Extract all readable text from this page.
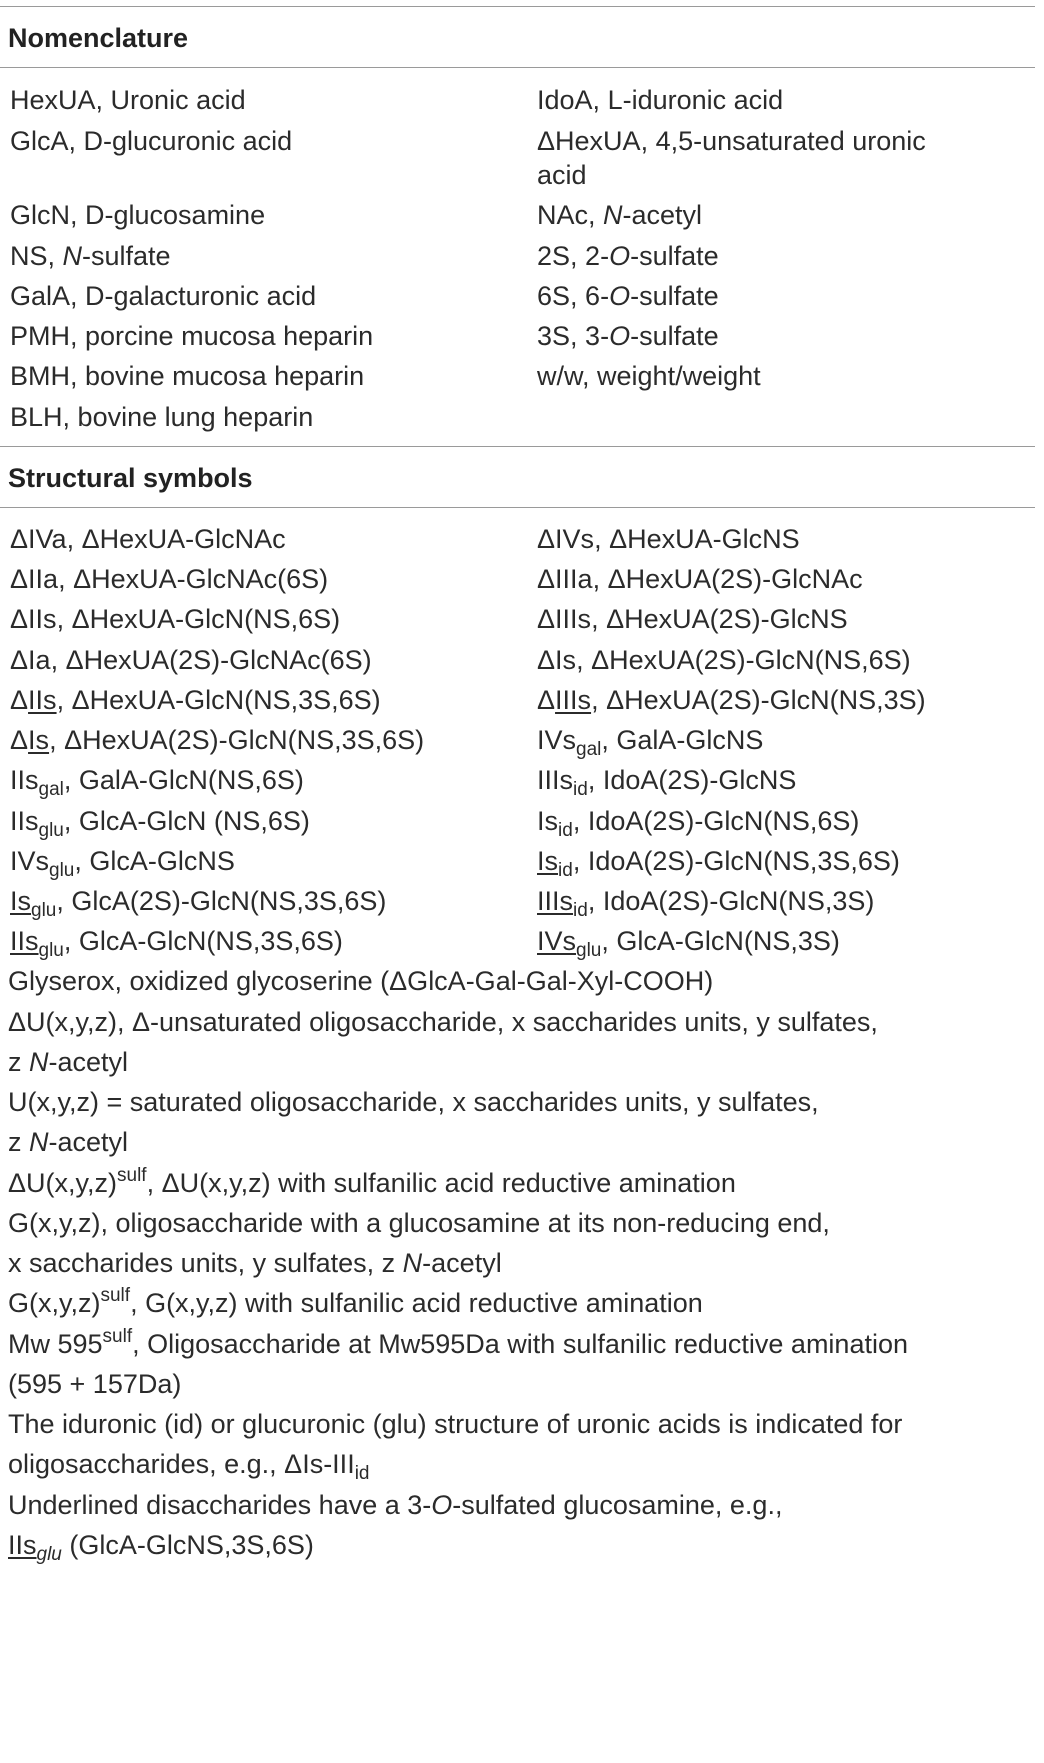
Nomenclature
HexUA, Uronic acid
GlcA, D-glucuronic acid
GlcN, D-glucosamine
NS, N-sulfate
GalA, D-galacturonic acid
PMH, porcine mucosa heparin
BMH, bovine mucosa heparin
BLH, bovine lung heparin
IdoA, L-iduronic acid
ΔHexUA, 4,5-unsaturated uronic
acid
NAc, N-acetyl
2S, 2-O-sulfate
6S, 6-O-sulfate
3S, 3-O-sulfate
w/w, weight/weight
Structural symbols
ΔIVa, ΔHexUA-GlcNAc
ΔIIa, ΔHexUA-GlcNAc(6S)
ΔIIs, ΔHexUA-GlcN(NS,6S)
ΔIa, ΔHexUA(2S)-GlcNAc(6S)
ΔIIs, ΔHexUA-GlcN(NS,3S,6S)
ΔIs, ΔHexUA(2S)-GlcN(NS,3S,6S)
IIs$_{gal}$, GalA-GlcN(NS,6S)
IIs$_{glu}$, GlcA-GlcN (NS,6S)
IVs$_{glu}$, GlcA-GlcNS
$Is_{glu}$, GlcA(2S)-GlcN(NS,3S,6S)
IIs$_{glu}$, GlcA-GlcN(NS,3S,6S)
ΔIVs, ΔHexUA-GlcNS
ΔIIIa, ΔHexUA(2S)-GlcNAc
ΔIIIs, ΔHexUA(2S)-GlcNS
ΔIs, ΔHexUA(2S)-GlcN(NS,6S)
ΔIIIs, ΔHexUA(2S)-GlcN(NS,3S)
IVs$_{gal}$, GalA-GlcNS
IIIs$_{id}$, IdoA(2S)-GlcNS
$Is_{id}$, IdoA(2S)-GlcN(NS,6S)
$Is_{id}$, IdoA(2S)-GlcN(NS,3S,6S)
IIIs$_{id}$, IdoA(2S)-GlcN(NS,3S)
IVs$_{glu}$, GlcA-GlcN(NS,3S)
Glyserox, oxidized glycoserine (ΔGlcA-Gal-Gal-Xyl-COOH)
ΔU(x,y,z), Δ-unsaturated oligosaccharide, x saccharides units, y sulfates,
z N-acetyl
U(x,y,z) = saturated oligosaccharide, x saccharides units, y sulfates,
z N-acetyl
$\Delta U(x,y,z)^{sulf}$, ΔU(x,y,z) with sulfanilic acid reductive amination
G(x,y,z), oligosaccharide with a glucosamine at its non-reducing end,
x saccharides units, y sulfates, z N-acetyl
$G(x,y,z)^{sulf}$, G(x,y,z) with sulfanilic acid reductive amination
Mw $595^{sulf}$, Oligosaccharide at Mw595Da with sulfanilic reductive amination
(595 + 157Da)
The iduronic (id) or glucuronic (glu) structure of uronic acids is indicated for
oligosaccharides, e.g., ΔIs-$III_{id}$
Underlined disaccharides have a 3-O-sulfated glucosamine, e.g.,
IIs$_{glu}$ (GlcA-GlcNS,3S,6S)
